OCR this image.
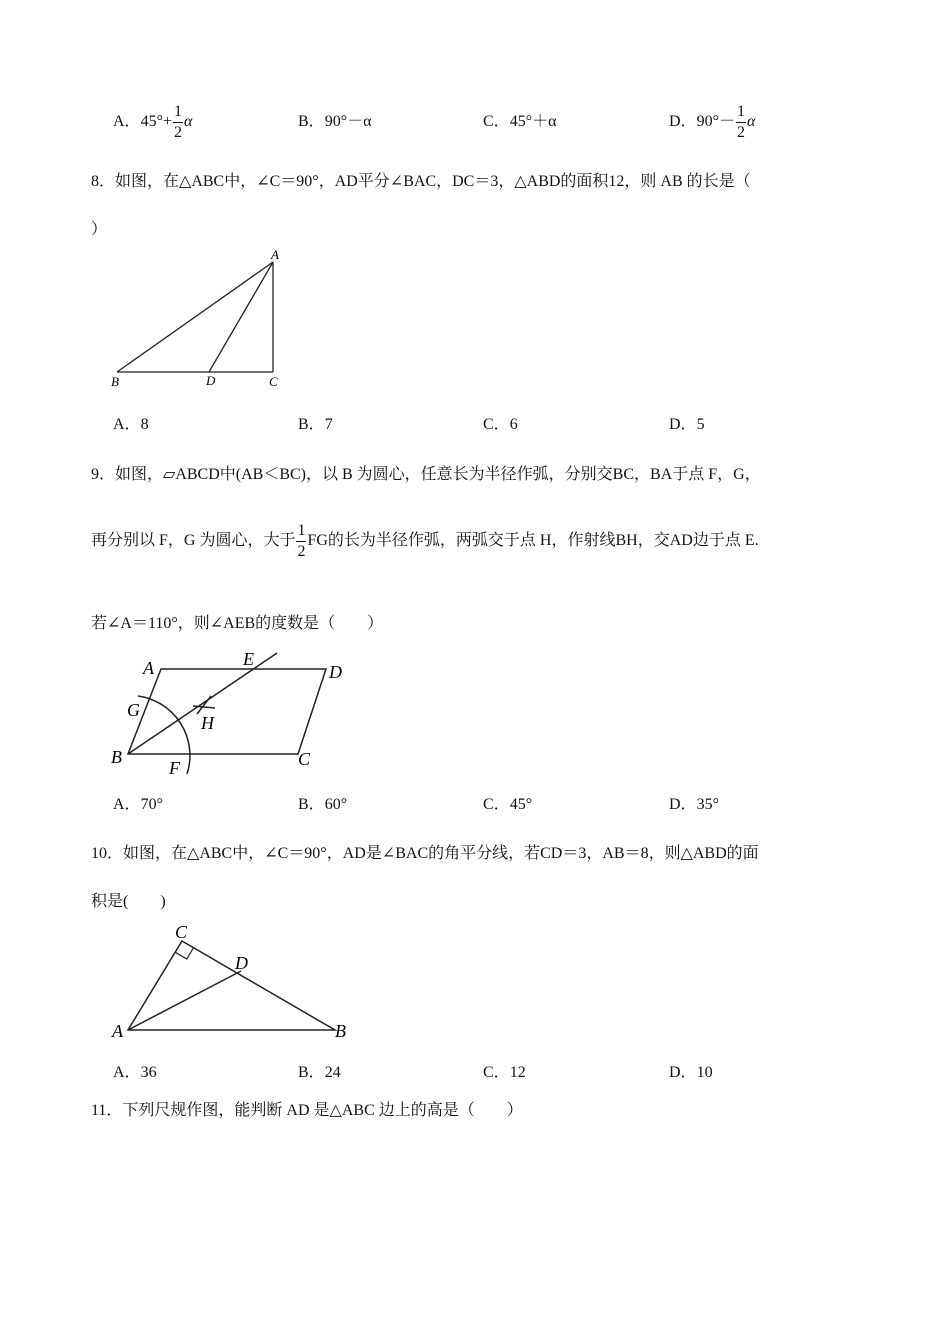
A．$45^\circ+ \frac{1}{2}$ α	B．90°－α	C．45°＋α	D．$90^\circ- \frac{1}{2}$ α
8．如图，在△ABC中，∠C＝90°，AD平分∠BAC，DC＝3，△ABD的面积12，则 AB 的长是（
）
A
B	D	C
A．8	B．7	C．6	D．5
9．如图，▱ABCD中(AB＜BC)，以 B 为圆心，任意长为半径作弧，分别交BC，BA于点 F，G，
再分别以 F，G 为圆心，大于 $\frac{1}{2}$ FG的长为半径作弧，两弧交于点 H，作射线BH，交AD边于点 E.
若∠A＝110°，则∠AEB的度数是（　　）
A	E
D
G
H
B
F	C
A．70°	B．60°	C．45°	D．35°
10．如图，在△ABC中，∠C＝90°，AD是∠BAC的角平分线，若CD＝3，AB＝8，则△ABD的面
积是(　　)
C
D
A	B
A．36	B．24	C．12	D．10
11．下列尺规作图，能判断 AD 是△ABC 边上的高是（　　）
